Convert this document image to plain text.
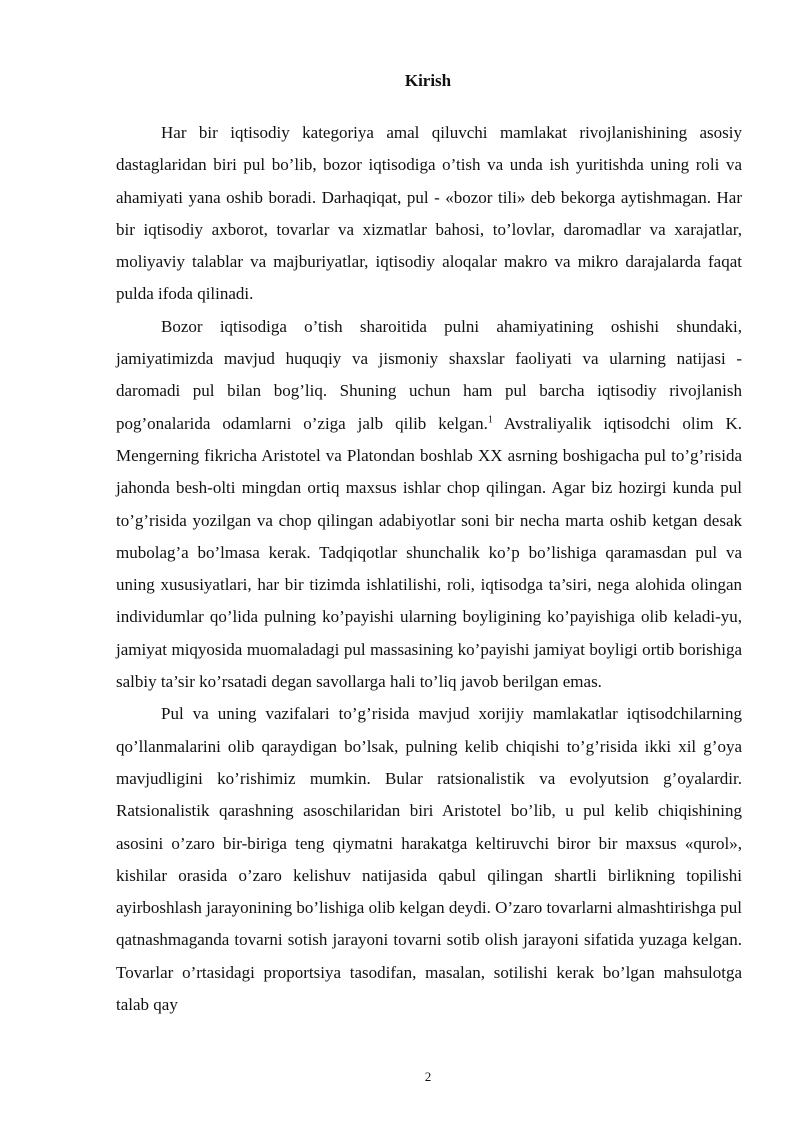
Kirish

Har bir iqtisodiy kategoriya amal qiluvchi mamlakat rivojlanishining asosiy dastaglaridan biri pul bo’lib, bozor iqtisodiga o’tish va unda ish yuritishda uning roli va ahamiyati yana oshib boradi. Darhaqiqat, pul - «bozor tili» deb bekorga aytishmagan. Har bir iqtisodiy axborot, tovarlar va xizmatlar bahosi, to’lovlar, daromadlar va xarajatlar, moliyaviy talablar va majburiyatlar, iqtisodiy aloqalar makro va mikro darajalarda faqat pulda ifoda qilinadi.

Bozor iqtisodiga o’tish sharoitida pulni ahamiyatining oshishi shundaki, jamiyatimizda mavjud huquqiy va jismoniy shaxslar faoliyati va ularning natijasi - daromadi pul bilan bog’liq. Shuning uchun ham pul barcha iqtisodiy rivojlanish pog’onalarida odamlarni o’ziga jalb qilib kelgan.$^1$ Avstraliyalik iqtisodchi olim K. Mengerning fikricha Aristotel va Platondan boshlab XX asrning boshigacha pul to’g’risida jahonda besh-olti mingdan ortiq maxsus ishlar chop qilingan. Agar biz hozirgi kunda pul to’g’risida yozilgan va chop qilingan adabiyotlar soni bir necha marta oshib ketgan desak mubolag’a bo’lmasa kerak. Tadqiqotlar shunchalik ko’p bo’lishiga qaramasdan pul va uning xususiyatlari, har bir tizimda ishlatilishi, roli, iqtisodga ta’siri, nega alohida olingan individumlar qo’lida pulning ko’payishi ularning boyligining ko’payishiga olib keladi-yu, jamiyat miqyosida muomaladagi pul massasining ko’payishi jamiyat boyligi ortib borishiga salbiy ta’sir ko’rsatadi degan savollarga hali to’liq javob berilgan emas.

Pul va uning vazifalari to’g’risida mavjud xorijiy mamlakatlar iqtisodchilarning qo’llanmalarini olib qaraydigan bo’lsak, pulning kelib chiqishi to’g’risida ikki xil g’oya mavjudligini ko’rishimiz mumkin. Bular ratsionalistik va evolyutsion g’oyalardir. Ratsionalistik qarashning asoschilaridan biri Aristotel bo’lib, u pul kelib chiqishining asosini o’zaro bir-biriga teng qiymatni harakatga keltiruvchi biror bir maxsus «qurol», kishilar orasida o’zaro kelishuv natijasida qabul qilingan shartli birlikning topilishi ayirboshlash jarayonining bo’lishiga olib kelgan deydi. O’zaro tovarlarni almashtirishga pul qatnashmaganda tovarni sotish jarayoni tovarni sotib olish jarayoni sifatida yuzaga kelgan. Tovarlar o’rtasidagi proportsiya tasodifan, masalan, sotilishi kerak bo’lgan mahsulotga talab qay

2
